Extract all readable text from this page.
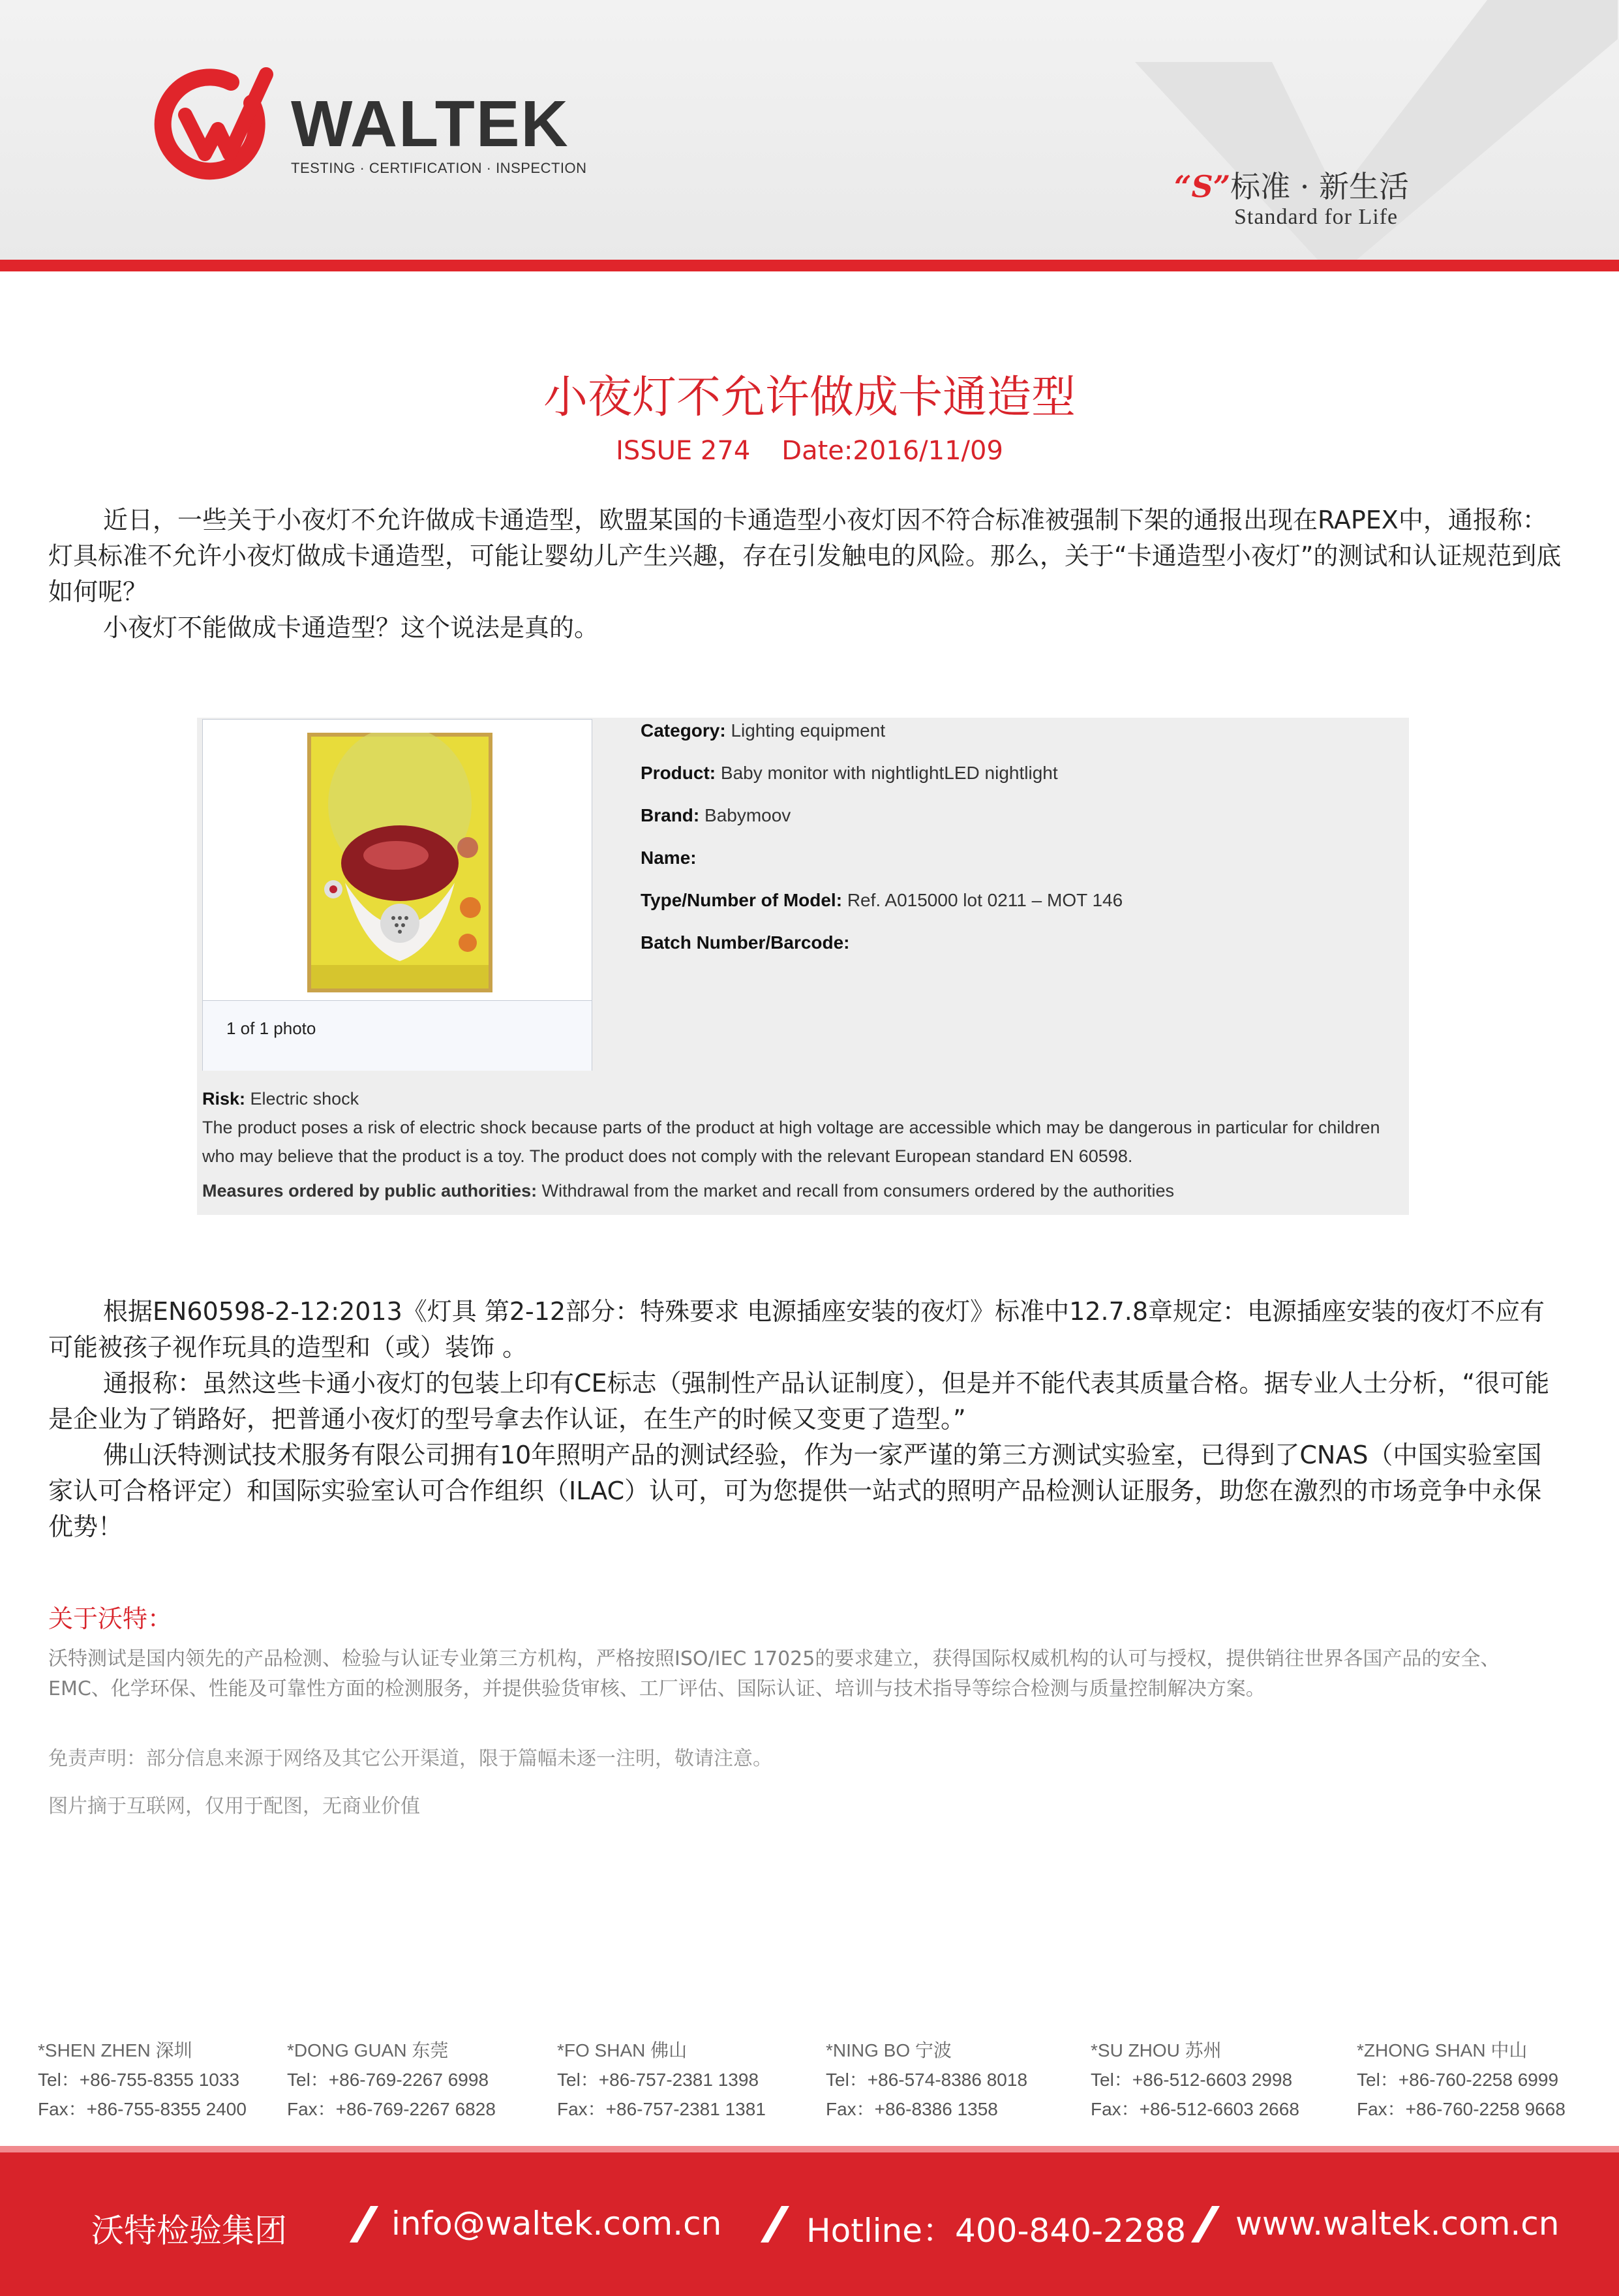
WALTEK
TESTING · CERTIFICATION · INSPECTION
“S”标准 · 新生活
Standard for Life
小夜灯不允许做成卡通造型
ISSUE 274 Date:2016/11/09
近日，一些关于小夜灯不允许做成卡通造型，欧盟某国的卡通造型小夜灯因不符合标准被强制下架的通报出现在RAPEX中，通报称：灯具标准不允许小夜灯做成卡通造型，可能让婴幼儿产生兴趣，存在引发触电的风险。那么，关于“卡通造型小夜灯”的测试和认证规范到底如何呢？
小夜灯不能做成卡通造型？这个说法是真的。
1 of 1 photo
Category: Lighting equipment
Product: Baby monitor with nightlightLED nightlight
Brand: Babymoov
Name:
Type/Number of Model: Ref. A015000 lot 0211 – MOT 146
Batch Number/Barcode:
Risk: Electric shock
The product poses a risk of electric shock because parts of the product at high voltage are accessible which may be dangerous in particular for children who may believe that the product is a toy. The product does not comply with the relevant European standard EN 60598.
Measures ordered by public authorities: Withdrawal from the market and recall from consumers ordered by the authorities
根据EN60598-2-12:2013《灯具 第2-12部分：特殊要求 电源插座安装的夜灯》标准中12.7.8章规定：电源插座安装的夜灯不应有可能被孩子视作玩具的造型和（或）装饰 。
通报称：虽然这些卡通小夜灯的包装上印有CE标志（强制性产品认证制度），但是并不能代表其质量合格。据专业人士分析，“很可能是企业为了销路好，把普通小夜灯的型号拿去作认证，在生产的时候又变更了造型。”
佛山沃特测试技术服务有限公司拥有10年照明产品的测试经验，作为一家严谨的第三方测试实验室，已得到了CNAS（中国实验室国家认可合格评定）和国际实验室认可合作组织（ILAC）认可，可为您提供一站式的照明产品检测认证服务，助您在激烈的市场竞争中永保优势！
关于沃特：
沃特测试是国内领先的产品检测、检验与认证专业第三方机构，严格按照ISO/IEC 17025的要求建立，获得国际权威机构的认可与授权，提供销往世界各国产品的安全、EMC、化学环保、性能及可靠性方面的检测服务，并提供验货审核、工厂评估、国际认证、培训与技术指导等综合检测与质量控制解决方案。
免责声明：部分信息来源于网络及其它公开渠道，限于篇幅未逐一注明，敬请注意。
图片摘于互联网，仅用于配图，无商业价值
*SHEN ZHEN 深圳
Tel：+86-755-8355 1033
Fax：+86-755-8355 2400
*DONG GUAN 东莞
Tel：+86-769-2267 6998
Fax：+86-769-2267 6828
*FO SHAN 佛山
Tel：+86-757-2381 1398
Fax：+86-757-2381 1381
*NING BO 宁波
Tel：+86-574-8386 8018
Fax：+86-8386 1358
*SU ZHOU 苏州
Tel：+86-512-6603 2998
Fax：+86-512-6603 2668
*ZHONG SHAN 中山
Tel：+86-760-2258 6999
Fax：+86-760-2258 9668
沃特检验集团	info@waltek.com.cn	Hotline：400-840-2288 www.waltek.com.cn
